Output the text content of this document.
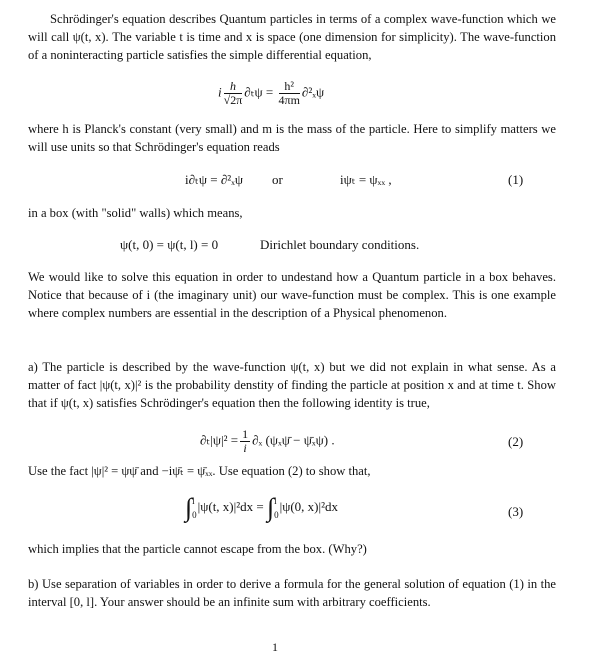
Schrödinger's equation describes Quantum particles in terms of a complex wave-function which we will call ψ(t, x). The variable t is time and x is space (one dimension for simplicity). The wave-function of a noninteracting particle satisfies the simple differential equation,
i $\frac{h}{√2\pi} \partial_t\psi = \frac{\text{h²}}{4\pi m} \partial^2_x\psi$
where h is Planck's constant (very small) and m is the mass of the particle. Here to simplify matters we will use units so that Schrödinger's equation reads
i∂ₜψ = ∂²ₓψ or	iψₜ = ψₓₓ ,	(1)
in a box (with "solid" walls) which means,
ψ(t, 0) = ψ(t, l) = 0	Dirichlet boundary conditions.
We would like to solve this equation in order to undestand how a Quantum particle in a box behaves. Notice that because of i (the imaginary unit) our wave-function must be complex. This is one example where complex numbers are essential in the description of a Physical phenomenon.
a) The particle is described by the wave-function ψ(t, x) but we did not explain in what sense. As a matter of fact |ψ(t, x)|² is the probability denstity of finding the particle at position x and at time t. Show that if ψ(t, x) satisfies Schrödinger's equation then the following identity is true,
$\partial_t|\psi|^2 = \frac{1}{i} \partial_x$ (ψₓψ̄ − ψ̄ₓψ) .	(2)
Use the fact |ψ|² = ψψ̄ and −iψ̄ₜ = ψ̄ₓₓ. Use equation (2) to show that,
∫ l
0
|ψ(t, x)|²dx = ∫ l
0
|ψ(0, x)|²dx	(3)
which implies that the particle cannot escape from the box. (Why?)
b) Use separation of variables in order to derive a formula for the general solution of equation (1) in the interval [0, l]. Your answer should be an infinite sum with arbitrary coefficients.
1
